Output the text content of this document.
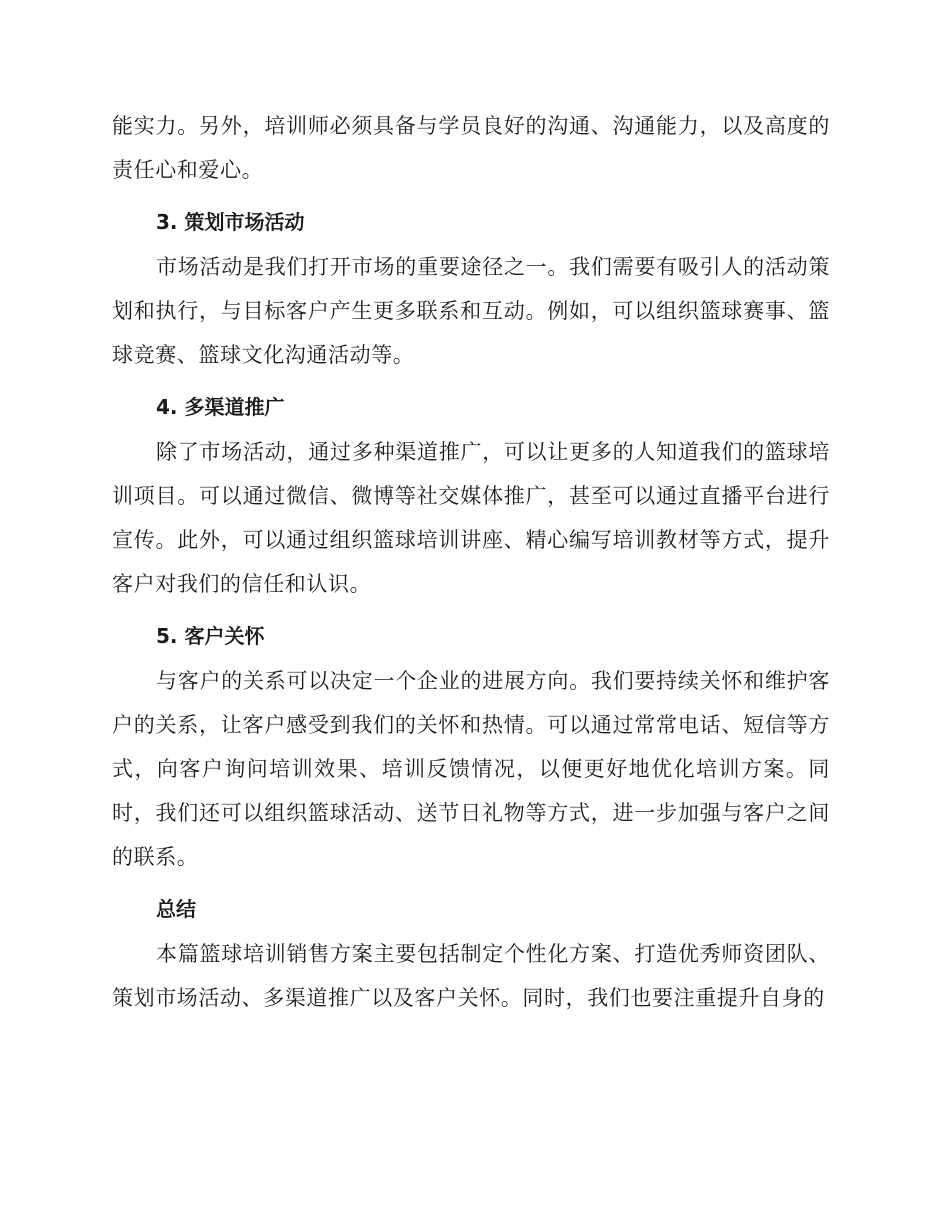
能实力。另外，培训师必须具备与学员良好的沟通、沟通能力，以及高度的责任心和爱心。

3. 策划市场活动

市场活动是我们打开市场的重要途径之一。我们需要有吸引人的活动策划和执行，与目标客户产生更多联系和互动。例如，可以组织篮球赛事、篮球竞赛、篮球文化沟通活动等。

4. 多渠道推广

除了市场活动，通过多种渠道推广，可以让更多的人知道我们的篮球培训项目。可以通过微信、微博等社交媒体推广，甚至可以通过直播平台进行宣传。此外，可以通过组织篮球培训讲座、精心编写培训教材等方式，提升客户对我们的信任和认识。

5. 客户关怀

与客户的关系可以决定一个企业的进展方向。我们要持续关怀和维护客户的关系，让客户感受到我们的关怀和热情。可以通过常常电话、短信等方式，向客户询问培训效果、培训反馈情况，以便更好地优化培训方案。同时，我们还可以组织篮球活动、送节日礼物等方式，进一步加强与客户之间的联系。

总结

本篇篮球培训销售方案主要包括制定个性化方案、打造优秀师资团队、策划市场活动、多渠道推广以及客户关怀。同时，我们也要注重提升自身的
